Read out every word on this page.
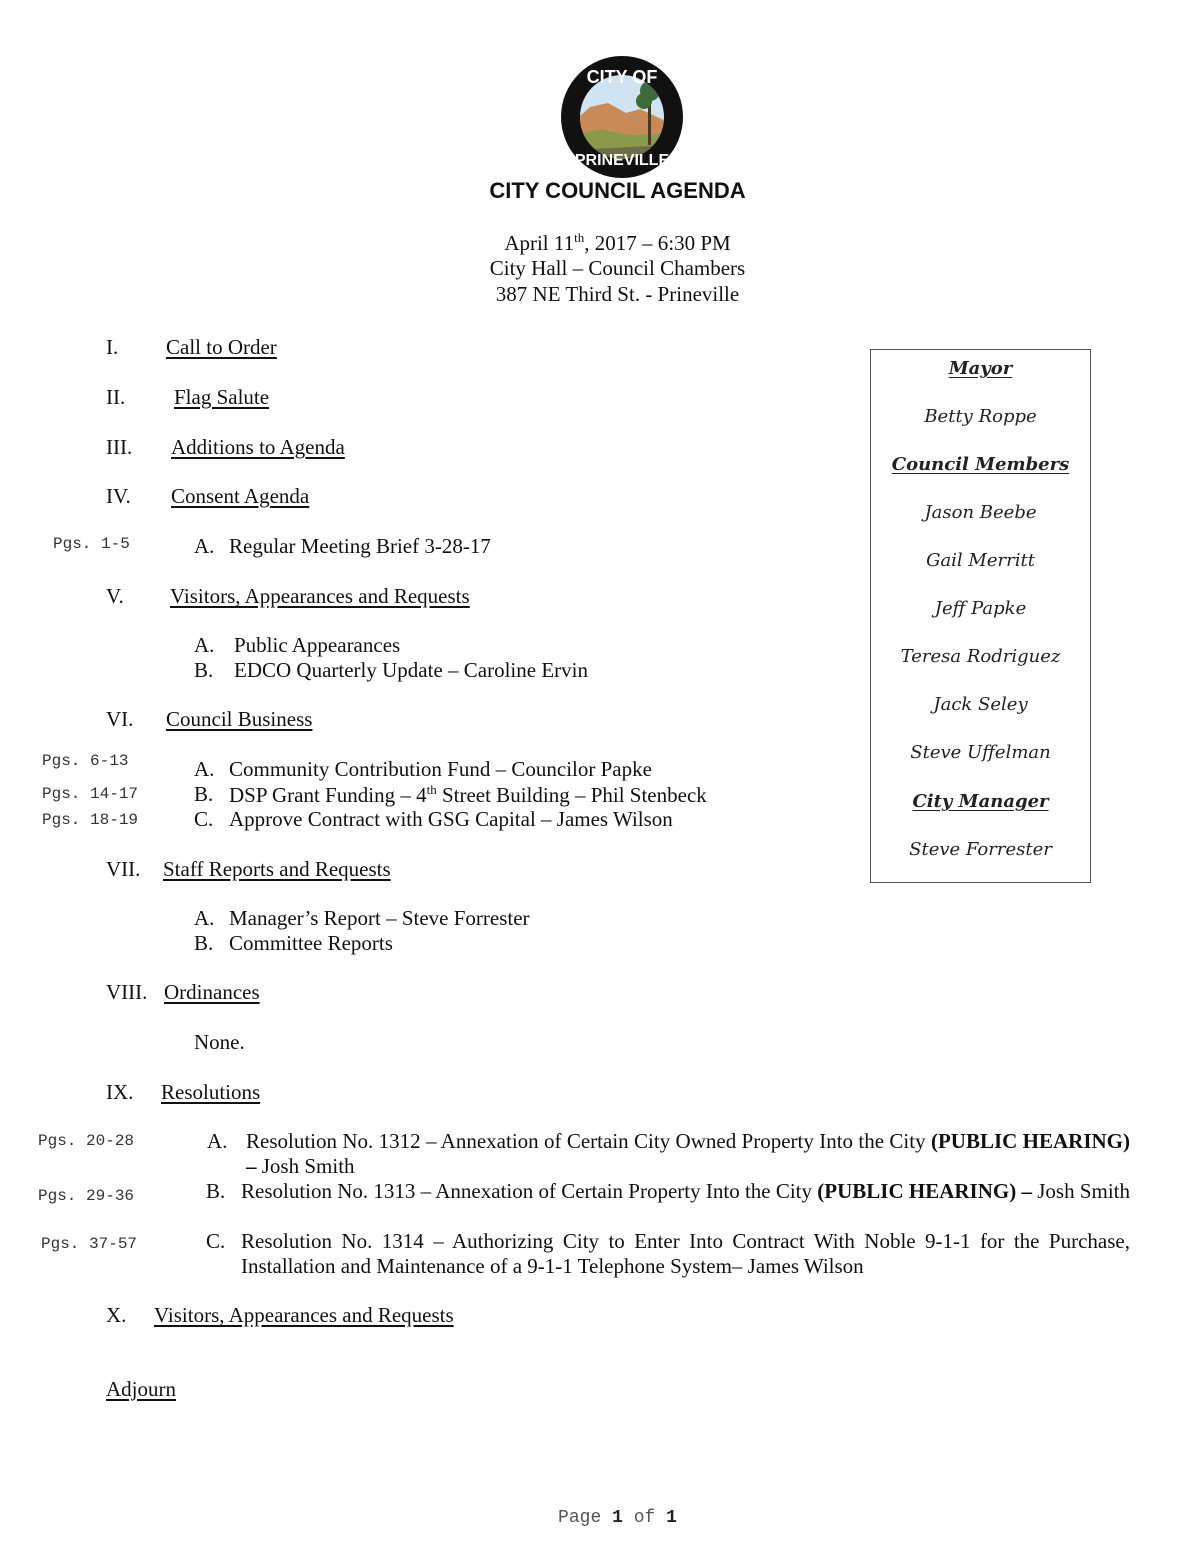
CITY OF
PRINEVILLE
CITY COUNCIL AGENDA
April 11th, 2017 – 6:30 PM
City Hall – Council Chambers
387 NE Third St. - Prineville
I. Call to Order
II. Flag Salute
III. Additions to Agenda
IV. Consent Agenda
Pgs. 1-5	A. Regular Meeting Brief 3-28-17
V. Visitors, Appearances and Requests
A. Public Appearances
B. EDCO Quarterly Update – Caroline Ervin
VI. Council Business
Pgs. 6-13	A. Community Contribution Fund – Councilor Papke
Pgs. 14-17	B. DSP Grant Funding – 4th Street Building – Phil Stenbeck
Pgs. 18-19	C. Approve Contract with GSG Capital – James Wilson
VII. Staff Reports and Requests
A. Manager’s Report – Steve Forrester
B. Committee Reports
VIII. Ordinances
None.
IX. Resolutions
Pgs. 20-28	A. Resolution No. 1312 – Annexation of Certain City Owned Property Into the City (PUBLIC HEARING) – Josh Smith
Pgs. 29-36	B. Resolution No. 1313 – Annexation of Certain Property Into the City (PUBLIC HEARING) – Josh Smith
Pgs. 37-57	C. Resolution No. 1314 – Authorizing City to Enter Into Contract With Noble 9-1-1 for the Purchase, Installation and Maintenance of a 9-1-1 Telephone System– James Wilson
X. Visitors, Appearances and Requests
Adjourn
Mayor
Betty Roppe
Council Members
Jason Beebe
Gail Merritt
Jeff Papke
Teresa Rodriguez
Jack Seley
Steve Uffelman
City Manager
Steve Forrester
Page 1 of 1
